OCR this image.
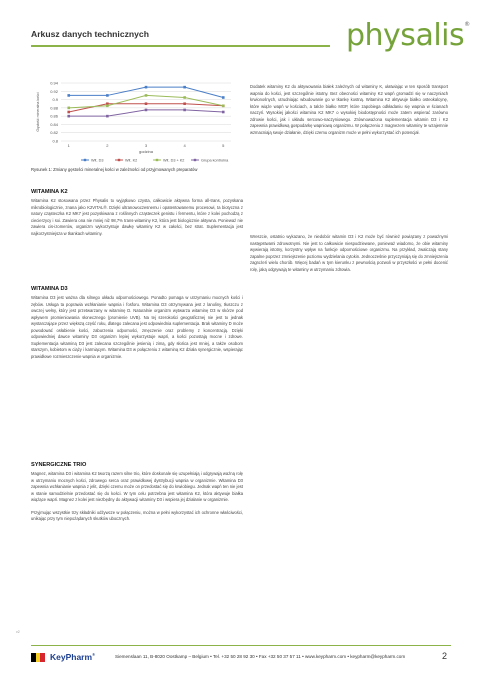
Arkusz danych technicznych	physalis®
0.94
0.92
0.9
0.88
0.86
0.84
0.82
0.8
1	2	3	4	5
godzina
Gęstość mineralna kości
Wit. D3	Wit. K2	Wit. D3 + K2	Grupa kontrolna
Rysunek 1: Zmiany gęstości mineralnej kości w zależności od przyjmowanych preparatów
WITAMINA K2

Witamina K2 stosowana przez Physalis to wyjątkowo czysta, całkowicie aktywna forma all-trans, pozyskana mikrobiologicznie, znana jako K2VITAL®. Dzięki ultranowoczesnemu i opatentowanemu procesowi, ta biotyczna z natury cząsteczka K2 MK7 jest pozyskiwana z roślinnych cząsteczek genistu i fermentu, które z kolei pochodzą z ciecierzycy i soi. Zawiera ona nie mniej niż 98,7% trans-witaminy K2, która jest biologicznie aktywna. Ponieważ nie zawiera cis-izomerów, organizm wykorzystuje dawkę witaminy K2 w całości, bez strat. Suplementacja jest najkorzystniejsza w tkankach witaminy.

WITAMINA D3

Witamina D3 jest ważna dla silnego układu odpornościowego. Ponadto pomaga w utrzymaniu mocnych kości i zębów. Usługa ta poprawia wchłanianie wapnia i fosforu. Witamina D3 otrzymywana jest z lanoliny, tłuszczu z owczej wełny, który jest przetwarzany w witaminę D. Naturalnie organizm wytwarza witaminę D3 w skórze pod wpływem promieniowania słonecznego (promienie UVB). Na tej szerokości geograficznej nie jest to jednak wystarczające przez większą część roku, dlatego zalecana jest odpowiednia suplementacja. Brak witaminy D może powodować osłabienie kości, zaburzenia odporności, zmęczenie oraz problemy z koncentracją. Dzięki odpowiedniej dawce witaminy D3 organizm lepiej wykorzystuje wapń, a kości pozostają mocne i zdrowe. Suplementacja witaminą D3 jest zalecana szczególnie jesienią i zimą, gdy słońca jest mniej, a także osobom starszym, kobietom w ciąży i karmiącym. Witamina D3 w połączeniu z witaminą K2 działa synergicznie, wspierając prawidłowe rozmieszczenie wapnia w organizmie.

SYNERGICZNE TRIO

Magnez, witamina D3 i witamina K2 tworzą razem silne trio, które doskonale się uzupełniają i odgrywają ważną rolę w utrzymaniu mocnych kości, zdrowego serca oraz prawidłowej dystrybucji wapnia w organizmie. Witamina D3 zapewnia wchłanianie wapnia z jelit, dzięki czemu może on przedostać się do krwiobiegu. Jednak wapń ten nie jest w stanie samodzielnie przedostać się do kości. W tym celu potrzebna jest witamina K2, która aktywuje białka wiążące wapń. Magnez z kolei jest niezbędny do aktywacji witaminy D3 i wspiera jej działanie w organizmie.

Przyjmując wszystkie trzy składniki odżywcze w połączeniu, można w pełni wykorzystać ich ochronne właściwości, unikając przy tym niepożądanych skutków ubocznych.

Dodatek witaminy K2 do aktywowania białek zależnych od witaminy K, ułatwiając w ten sposób transport wapnia do kości, jest szczególnie istotny. Bez obecności witaminy K2 wapń gromadzi się w naczyniach krwionośnych, utrudniając wbudowanie go w tkankę kostną. Witamina K2 aktywuje białko osteokalcynę, które wiąże wapń w kościach, a także białko MGP, które zapobiega odkładaniu się wapnia w ścianach naczyń. Wysokiej jakości witamina K2 MK7 o wysokiej biodostępności może zatem wspierać zarówno zdrowie kości, jak i układu sercowo-naczyniowego. Zrównoważona suplementacja witamin D3 i K2 zapewnia prawidłową gospodarkę wapniową organizmu. W połączeniu z magnezem witaminy te wzajemnie wzmacniają swoje działanie, dzięki czemu organizm może w pełni wykorzystać ich potencjał.

Wreszcie, ostatnio wykazano, że niedobór witamin D3 i K2 może być również powiązany z poważnymi następstwami zdrowotnymi. Nie jest to całkowicie niespodziewane, ponieważ wiadomo, że obie witaminy wywierają istotny, korzystny wpływ na funkcje odpornościowe organizmu. Na przykład, zwalczają stany zapalne poprzez zmniejszenie poziomu wydzielania cytokin. Jednocześnie przyczyniają się do zmniejszenia zagrożeń wielu chorób. Więcej badań w tym kierunku z pewnością pozwoli w przyszłości w pełni docenić rolę, jaką odgrywają te witaminy w utrzymaniu zdrowia.

v2
KeyPharm®	Siemenslaan 11, B-8020 Oostkamp – Belgium • Tel. +32 50 28 92 30 • Fax +32 50 37 57 11 • www.keypharm.com • keypharm@keypharm.com	2
